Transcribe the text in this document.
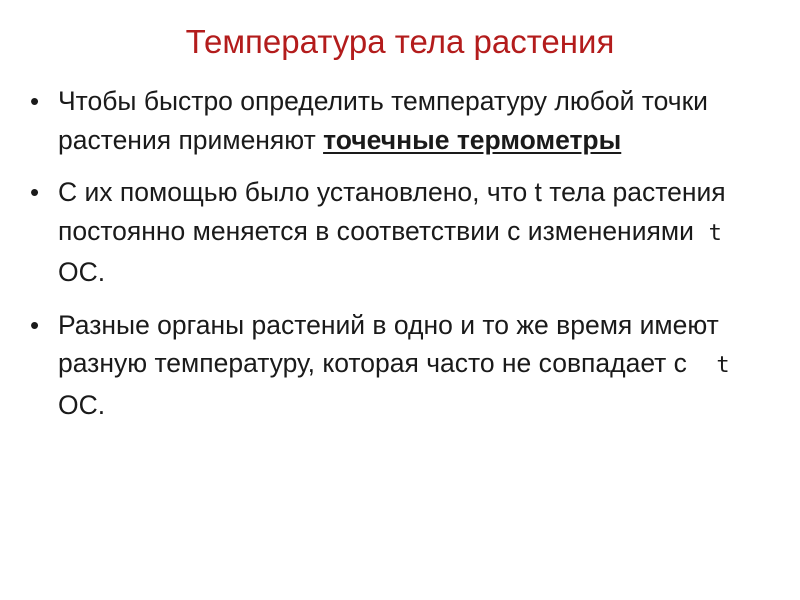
Температура тела растения
• Чтобы быстро определить температуру любой точки растения применяют точечные термометры
• С их помощью было установлено, что t тела растения постоянно меняется в соответствии с изменениями  t  ОС.
• Разные органы растений в одно и то же время имеют разную температуру, которая часто не совпадает с    t  ОС.
